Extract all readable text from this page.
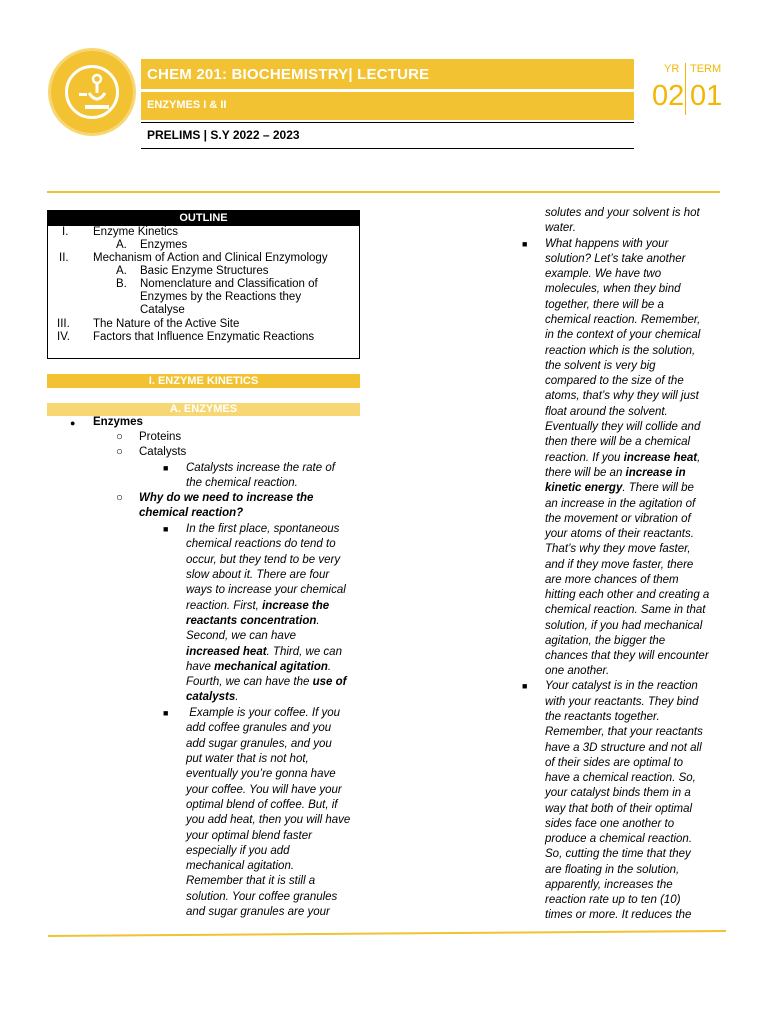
CHEM 201: BIOCHEMISTRY| LECTURE
ENZYMES I & II
PRELIMS | S.Y 2022 – 2023
YR TERM
02 01
OUTLINE
I. Enzyme Kinetics
A. Enzymes
II. Mechanism of Action and Clinical Enzymology
A. Basic Enzyme Structures
B. Nomenclature and Classification of
Enzymes by the Reactions they
Catalyse
III. The Nature of the Active Site
IV. Factors that Influence Enzymatic Reactions
I. ENZYME KINETICS
A. ENZYMES
● Enzymes
○ Proteins
○ Catalysts
■ Catalysts increase the rate of
the chemical reaction.
○ Why do we need to increase the
chemical reaction?
■ In the first place, spontaneous
chemical reactions do tend to
occur, but they tend to be very
slow about it. There are four
ways to increase your chemical
reaction. First, increase the
reactants concentration.
Second, we can have
increased heat. Third, we can
have mechanical agitation.
Fourth, we can have the use of
catalysts.
■ Example is your coffee. If you
add coffee granules and you
add sugar granules, and you
put water that is not hot,
eventually you’re gonna have
your coffee. You will have your
optimal blend of coffee. But, if
you add heat, then you will have
your optimal blend faster
especially if you add
mechanical agitation.
Remember that it is still a
solution. Your coffee granules
and sugar granules are your
solutes and your solvent is hot
water.
■ What happens with your
solution? Let’s take another
example. We have two
molecules, when they bind
together, there will be a
chemical reaction. Remember,
in the context of your chemical
reaction which is the solution,
the solvent is very big
compared to the size of the
atoms, that’s why they will just
float around the solvent.
Eventually they will collide and
then there will be a chemical
reaction. If you increase heat,
there will be an increase in
kinetic energy. There will be
an increase in the agitation of
the movement or vibration of
your atoms of their reactants.
That’s why they move faster,
and if they move faster, there
are more chances of them
hitting each other and creating a
chemical reaction. Same in that
solution, if you had mechanical
agitation, the bigger the
chances that they will encounter
one another.
■ Your catalyst is in the reaction
with your reactants. They bind
the reactants together.
Remember, that your reactants
have a 3D structure and not all
of their sides are optimal to
have a chemical reaction. So,
your catalyst binds them in a
way that both of their optimal
sides face one another to
produce a chemical reaction.
So, cutting the time that they
are floating in the solution,
apparently, increases the
reaction rate up to ten (10)
times or more. It reduces the
